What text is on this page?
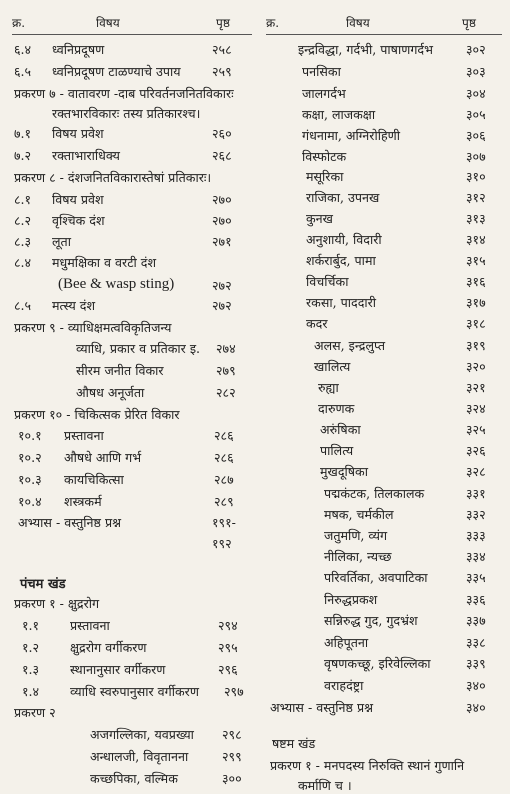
क्र.	विषय	पृष्ठ
६.४ ध्वनिप्रदूषण	२५८
६.५ ध्वनिप्रदूषण टाळण्याचे उपाय २५९
प्रकरण ७ - वातावरण -दाब परिवर्तनजनितविकारः
रक्तभारविकारः तस्य प्रतिकारश्च।
७.१ विषय प्रवेश	२६०
७.२ रक्ताभाराधिक्य	२६८
प्रकरण ८ - दंशजनितविकारास्तेषां प्रतिकारः।
८.१ विषय प्रवेश	२७०
८.२ वृश्चिक दंश	२७०
८.३ लूता	२७१
८.४ मधुमक्षिका व वरटी दंश
(Bee & wasp sting)	२७२
८.५ मत्स्य दंश	२७२
प्रकरण ९ - व्याधिक्षमत्वविकृतिजन्य
व्याधि, प्रकार व प्रतिकार इ. २७४
सीरम जनीत विकार	२७९
औषध अनूर्जता	२८२
प्रकरण १० - चिकित्सक प्रेरित विकार
१०.१ प्रस्तावना	२८६
१०.२ औषधे आणि गर्भ	२८६
१०.३ कायचिकित्सा	२८७
१०.४ शस्त्रकर्म	२८९
अभ्यास - वस्तुनिष्ठ प्रश्न	१९१-
१९२
पंचम खंड
प्रकरण १ - क्षुद्ररोग
१.१ प्रस्तावना	२९४
१.२ क्षुद्ररोग वर्गीकरण	२९५
१.३ स्थानानुसार वर्गीकरण	२९६
१.४ व्याधि स्वरुपानुसार वर्गीकरण २९७
प्रकरण २
अजगल्लिका, यवप्रख्या २९८
अन्धालजी, विवृतानना	२९९
कच्छपिका, वल्मिक	३००
क्र.	विषय	पृष्ठ
इन्द्रविद्धा, गर्दभी, पाषाणगर्दभ	३०२
पनसिका	३०३
जालगर्दभ	३०४
कक्षा, लाजकक्षा	३०५
गंधनामा, अग्निरोहिणी	३०६
विस्फोटक	३०७
मसूरिका	३१०
राजिका, उपनख	३१२
कुनख	३१३
अनुशायी, विदारी	३१४
शर्करार्बुद, पामा	३१५
विचर्चिका	३१६
रकसा, पाददारी	३१७
कदर	३१८
अलस, इन्द्रलुप्त	३१९
खालित्य	३२०
रुह्या	३२१
दारुणक	३२४
अरुंषिका	३२५
पालित्य	३२६
मुखदूषिका	३२८
पद्मकंटक, तिलकालक	३३१
मषक, चर्मकील	३३२
जतुमणि, व्यंग	३३३
नीलिका, न्यच्छ	३३४
परिवर्तिका, अवपाटिका	३३५
निरुद्धप्रकश	३३६
सन्निरुद्ध गुद, गुदभ्रंश	३३७
अहिपूतना	३३८
वृषणकच्छू, इरिवेल्लिका	३३९
वराहदंष्ट्रा	३४०
अभ्यास - वस्तुनिष्ठ प्रश्न	३४०
षष्टम खंड
प्रकरण १ - मनपदस्य निरुक्ति स्थानं गुणानि
कर्माणि च ।
